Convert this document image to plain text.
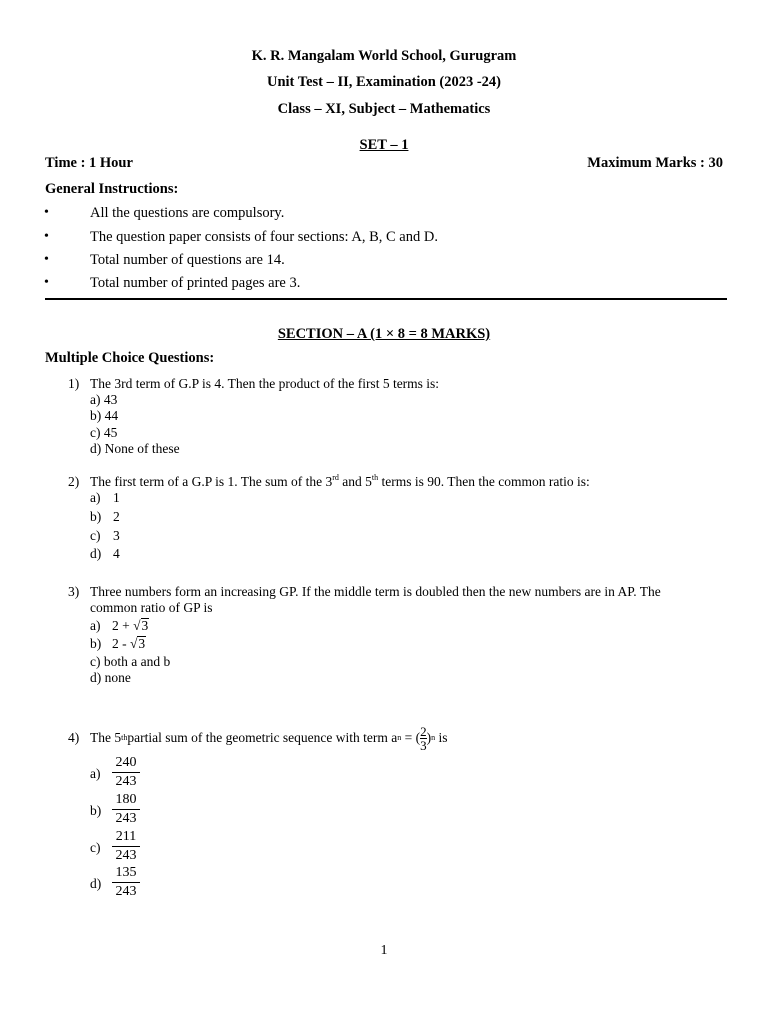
K. R. Mangalam World School, Gurugram
Unit Test – II, Examination (2023 -24)
Class – XI, Subject – Mathematics
SET – 1
Time : 1 Hour	Maximum Marks : 30
General Instructions:
•	All the questions are compulsory.
•	The question paper consists of four sections: A, B, C and D.
•	Total number of questions are 14.
•	Total number of printed pages are 3.
SECTION – A (1 × 8 = 8 MARKS)
Multiple Choice Questions:
1) The 3rd term of G.P is 4. Then the product of the first 5 terms is:
a) 43
b) 44
c) 45
d) None of these
2) The first term of a G.P is 1. The sum of the 3rd and 5th terms is 90. Then the common ratio is:
a) 1
b) 2
c) 3
d) 4
3) Three numbers form an increasing GP. If the middle term is doubled then the new numbers are in AP. The
common ratio of GP is
a) 2 + √3
b) 2 - √3
c) both a and b
d) none
4) The 5 th partial sum of the geometric sequence with term a n = ( $\frac{2}{3}$ ) n is
a)
240
243
b)
180
243
c)
211
243
d)
135
243
1
